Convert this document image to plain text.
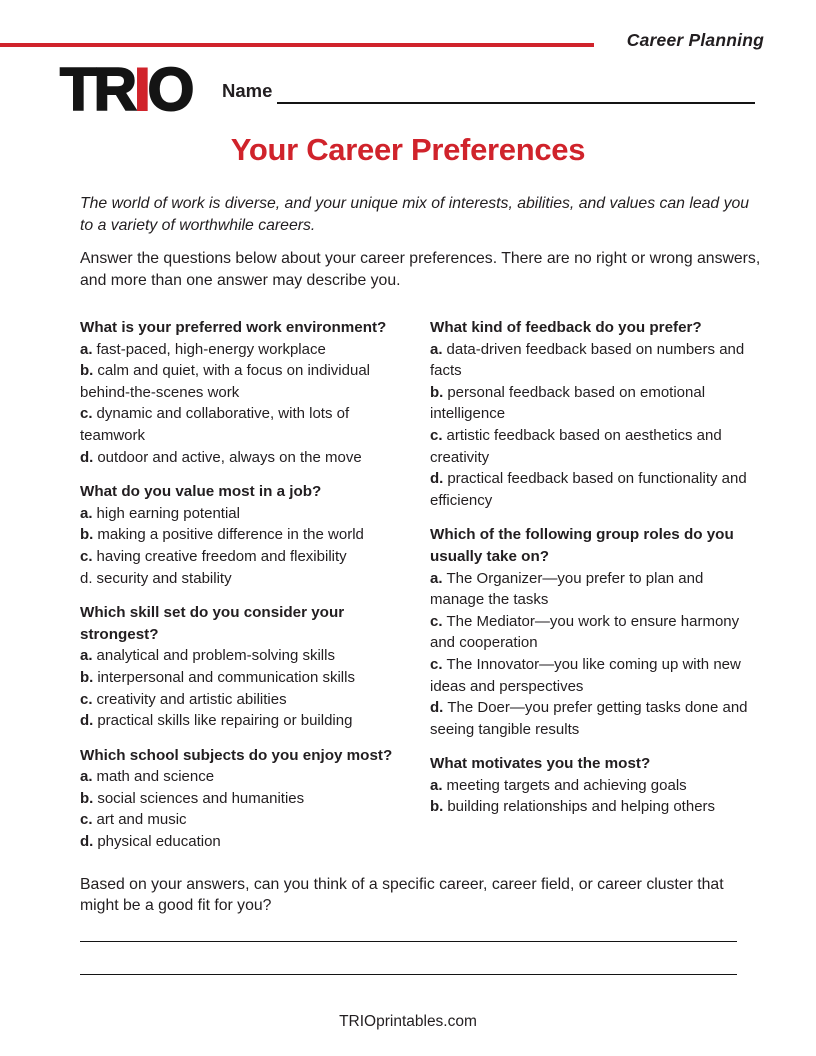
Career Planning
TRIO Name
Your Career Preferences

The world of work is diverse, and your unique mix of interests, abilities, and values can lead you to a variety of worthwhile careers.

Answer the questions below about your career preferences. There are no right or wrong answers, and more than one answer may describe you.

What is your preferred work environment?
a. fast-paced, high-energy workplace
b. calm and quiet, with a focus on individual behind-the-scenes work
c. dynamic and collaborative, with lots of teamwork
d. outdoor and active, always on the move
What do you value most in a job?
a. high earning potential
b. making a positive difference in the world
c. having creative freedom and flexibility
d. security and stability
Which skill set do you consider your strongest?
a. analytical and problem-solving skills
b. interpersonal and communication skills
c. creativity and artistic abilities
d. practical skills like repairing or building
Which school subjects do you enjoy most?
a. math and science
b. social sciences and humanities
c. art and music
d. physical education
What kind of feedback do you prefer?
a. data-driven feedback based on numbers and facts
b. personal feedback based on emotional intelligence
c. artistic feedback based on aesthetics and creativity
d. practical feedback based on functionality and efficiency
Which of the following group roles do you usually take on?
a. The Organizer—you prefer to plan and manage the tasks
c. The Mediator—you work to ensure harmony and cooperation
c. The Innovator—you like coming up with new ideas and perspectives
d. The Doer—you prefer getting tasks done and seeing tangible results
What motivates you the most?
a. meeting targets and achieving goals
b. building relationships and helping others

Based on your answers, can you think of a specific career, career field, or career cluster that might be a good fit for you?

TRIOprintables.com
